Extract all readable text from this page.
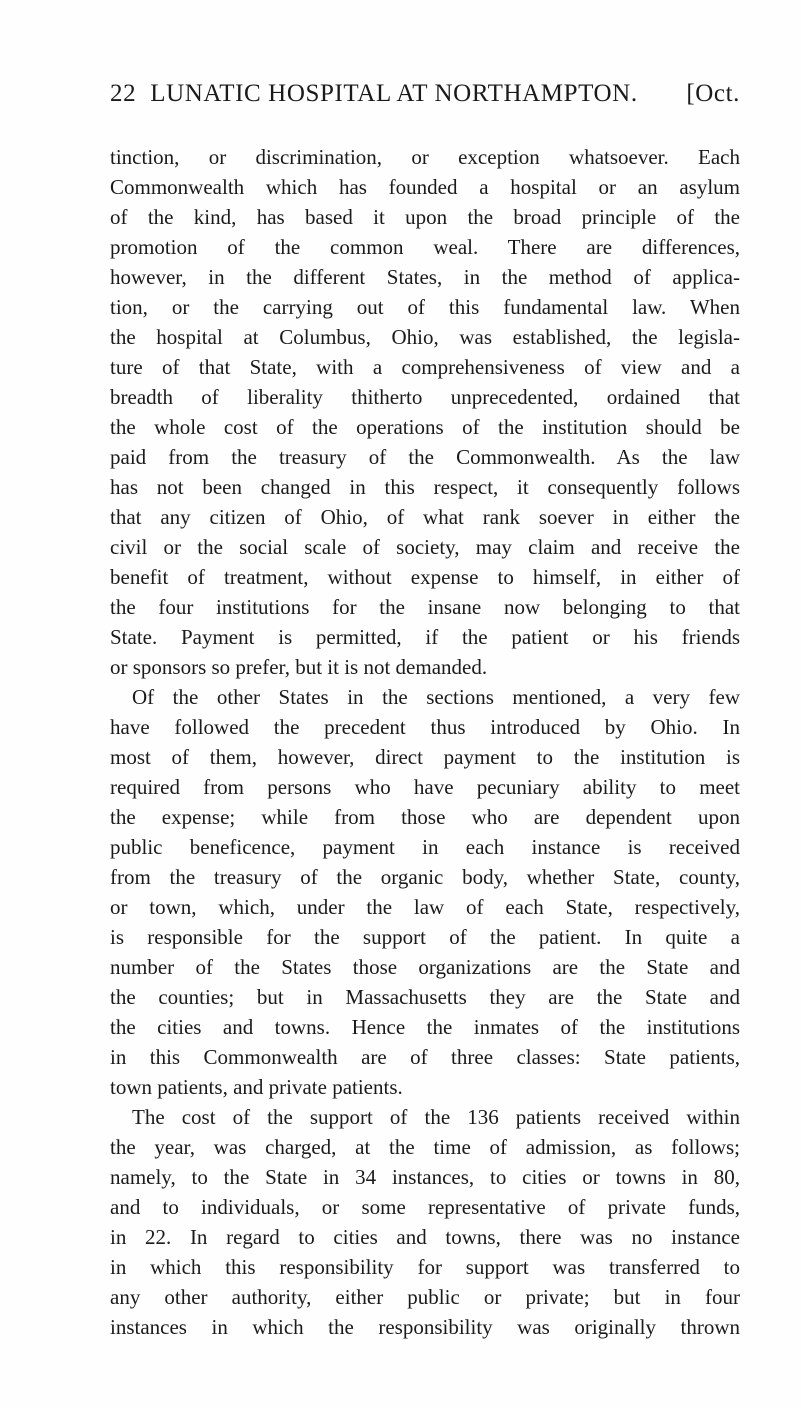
22 LUNATIC HOSPITAL AT NORTHAMPTON.	[Oct.
tinction, or discrimination, or exception whatsoever. Each
Commonwealth which has founded a hospital or an asylum
of the kind, has based it upon the broad principle of the
promotion of the common weal. There are differences,
however, in the different States, in the method of applica-
tion, or the carrying out of this fundamental law. When
the hospital at Columbus, Ohio, was established, the legisla-
ture of that State, with a comprehensiveness of view and a
breadth of liberality thitherto unprecedented, ordained that
the whole cost of the operations of the institution should be
paid from the treasury of the Commonwealth. As the law
has not been changed in this respect, it consequently follows
that any citizen of Ohio, of what rank soever in either the
civil or the social scale of society, may claim and receive the
benefit of treatment, without expense to himself, in either of
the four institutions for the insane now belonging to that
State. Payment is permitted, if the patient or his friends
or sponsors so prefer, but it is not demanded.
Of the other States in the sections mentioned, a very few
have followed the precedent thus introduced by Ohio. In
most of them, however, direct payment to the institution is
required from persons who have pecuniary ability to meet
the expense; while from those who are dependent upon
public beneficence, payment in each instance is received
from the treasury of the organic body, whether State, county,
or town, which, under the law of each State, respectively,
is responsible for the support of the patient. In quite a
number of the States those organizations are the State and
the counties; but in Massachusetts they are the State and
the cities and towns. Hence the inmates of the institutions
in this Commonwealth are of three classes: State patients,
town patients, and private patients.
The cost of the support of the 136 patients received within
the year, was charged, at the time of admission, as follows;
namely, to the State in 34 instances, to cities or towns in 80,
and to individuals, or some representative of private funds,
in 22. In regard to cities and towns, there was no instance
in which this responsibility for support was transferred to
any other authority, either public or private; but in four
instances in which the responsibility was originally thrown
